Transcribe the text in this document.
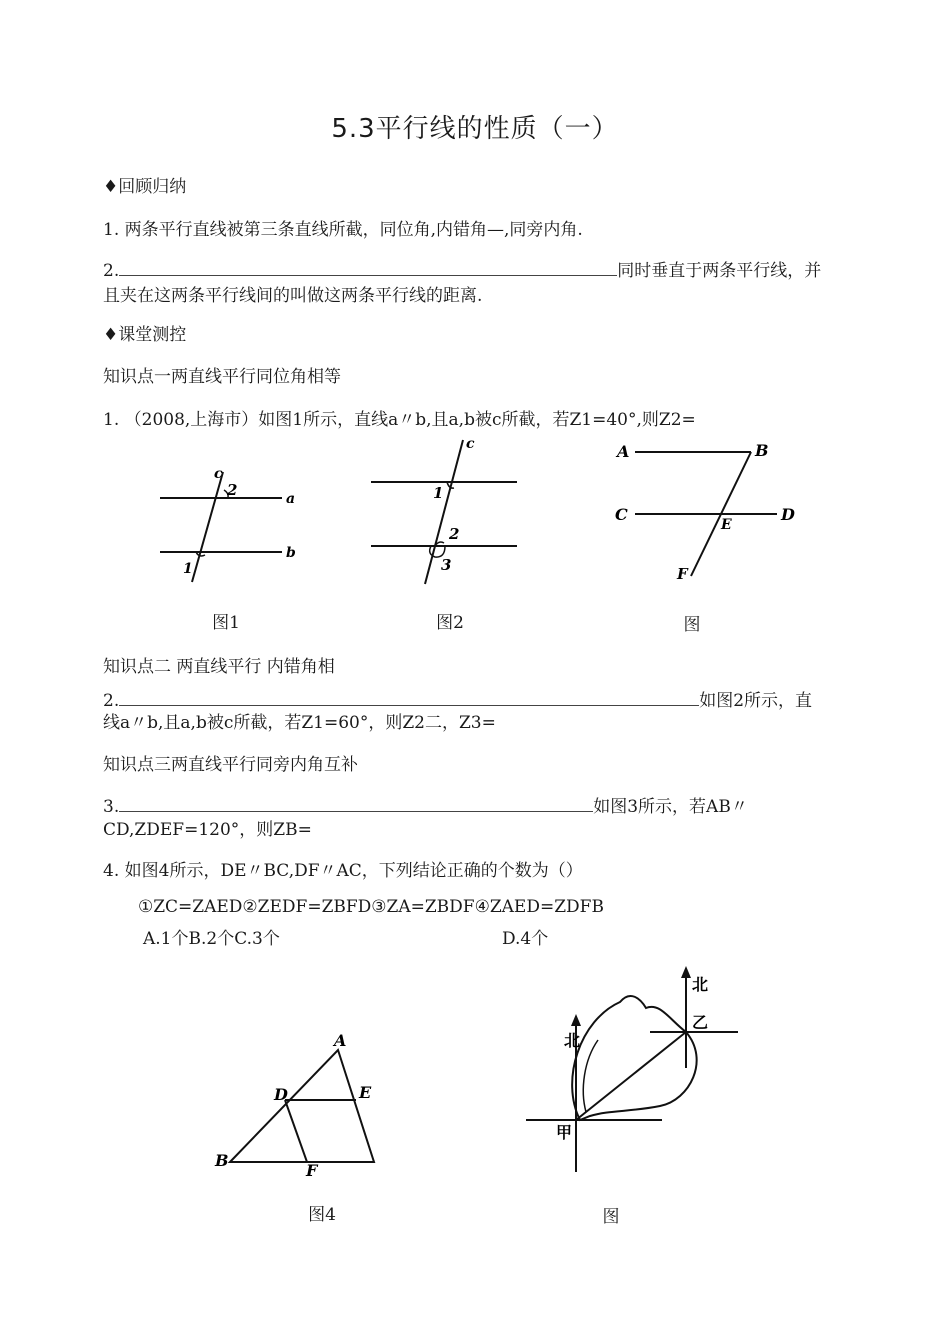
5.3平行线的性质（一）
♦回顾归纳
1. 两条平行直线被第三条直线所截，同位角,内错角—,同旁内角.
2.	同时垂直于两条平行线，并
且夹在这两条平行线间的叫做这两条平行线的距离.
♦课堂测控
知识点一两直线平行同位角相等
1. （2008,上海市）如图1所示，直线a〃b,且a,b被c所截，若Z1=40°,则Z2=
c
2	a
b
1
图1
c
1
2
3
图2
A	B
C	D
E
F
图
知识点二 两直线平行 内错角相
2.	如图2所示，直
线a〃b,且a,b被c所截，若Z1=60°，则Z2二，Z3=
知识点三两直线平行同旁内角互补
3.	如图3所示，若AB〃
CD,ZDEF=120°，则ZB=
4. 如图4所示，DE〃BC,DF〃AC，下列结论正确的个数为（）
①ZC=ZAED②ZEDF=ZBFD③ZA=ZBDF④ZAED=ZDFB
A.1个B.2个C.3个	D.4个
A
D	E
B
F
图4
北
乙
北
甲
图
